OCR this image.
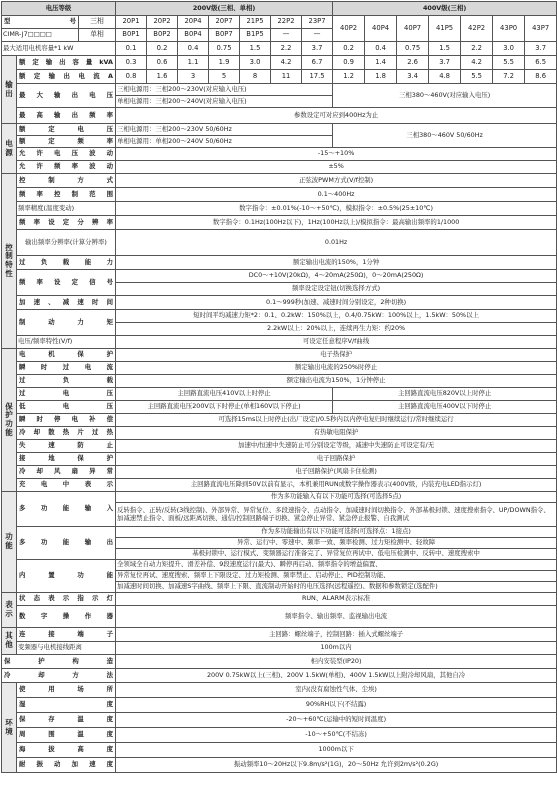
电压等级			200V级(三相、单相)							400V级(三相)						
型号		三相	20P1	20P2	20P4	20P7	21P5	22P2	23P7	40P2	40P4	40P7	41P5	42P2	43P0	43P7
CIMR-J7□□□□		单相	B0P1	B0P2	B0P4	B0P7	B1P5	—	—							
最大适用电机容量*1 kW			0.1	0.2	0.4	0.75	1.5	2.2	3.7	0.2	0.4	0.75	1.5	2.2	3.0	3.7
输出	额定输出容量kVA		0.3	0.6	1.1	1.9	3.0	4.2	6.7	0.9	1.4	2.6	3.7	4.2	5.5	6.5
	额定输出电流A		0.8	1.6	3	5	8	11	17.5	1.2	1.8	3.4	4.8	5.5	7.2	8.6
	最大输出电压		三相电源用：三相200～230V(对应输入电压)							三相380～460V(对应输入电压)						
			单相电源用：三相200～240V(对应输入电压)													
	最高输出频率		参数设定可对应到400Hz为止													
电源	额定电压		三相电源用：三相200～230V 50/60Hz							三相380～460V 50/60Hz						
	额定频率		单相电源用：单相200～240V 50/60Hz													
	允许电压波动		-15～+10%													
	允许频率波动		±5%													
控制特性	控制方式		正弦波PWM方式(V/f控制)													
	频率控制范围		0.1～400Hz													
	频率精度(温度变动)		数字指令：±0.01%(-10～+50℃)，模拟指令：±0.5%(25±10℃)													
	频率设定分辨率		数字指令：0.1Hz(100Hz以下)，1Hz(100Hz以上)/模拟指令：最高输出频率的1/1000													
	输出频率分辨率(计算分辨率)		0.01Hz													
	过负载能力		额定输出电流的150%，1分钟													
	频率设定信号		DC0～+10V(20kΩ)，4～20mA(250Ω)，0～20mA(250Ω)													
			频率设定设定钮(切换选择方式)													
	加速、减速时间		0.1～999秒(加速、减速时间分别设定，2种切换)													
	制动力矩		短时间平均减速力矩*2：0.1、0.2kW：150%以上，0.4/0.75kW：100%以上，1.5kW：50%以上													
			2.2kW以上：20%以上，连续再生力矩：约20%													
	电压/频率特性(V/f)		可设定任意程序V/f曲线													
保护功能	电机保护		电子热保护													
	瞬时过电流		额定输出电流的250%时停止													
	过负载		额定输出电流为150%，1分钟停止													
	过电压		主回路直流电压410V以上时停止							主回路直流电压820V以上时停止						
	低电压		主回路直流电压200V以下时停止(单相160V以下停止)							主回路直流电压400V以下时停止						
	瞬时停电补偿		可选择15ms以上时停止(出厂设定)/0.5秒内以内停电复归时继续运行/常时继续运行													
	冷却散热片过热		有热敏电阻保护													
	失速防止		加速中/恒速中失速防止可分别设定等级，减速中失速防止可设定有/无													
	接地保护		电子回路保护													
	冷却风扇异常		电子回路保护(风扇卡住检测)													
	充电中表示		主回路直流电压降到50V以前有显示，本机兼用RUN或数字操作器表示(400V级，内装充电LED指示灯)													
功能	多功能输入		作为多功能输入有以下功能可选择(可选择5点)													
			反转指令、正转/反转(3线控制)、外部异常、异常复位、多段速指令、点动指令、加减速时间切换指令、外部基极封锁、速度搜索指令、UP/DOWN指令、加减速禁止指令、面板/远距离切换、通信/控制回路端子切换、紧急停止异常、紧急停止报警、自我测试													

	多功能输出		作为多功能输出有以下功能可选择(可选择点：1接点)													
			异常、运行中、零速中、频率一致、频率检测、过力矩检测中、轻故障													
			基极封锁中、运行模式、变频器运行准备完了、异常复位再试中、低电压检测中、反转中、速度搜索中													
	内置功能		全领域全自动力矩提升、滑差补偿、9段速度运行(最大)、瞬停再启动、频率指令的增益偏置、													
			异常复位再试、速度搜索、频率上下限设定、过力矩检测、频率禁止、启动停止、PID控制功能、													
			加减速时间切换、加减速S字曲线、频率上下限、直流制动开始时的电压选择(远程遥控)、数据和参数锁定(选配件)													
表示	状态表示指示灯		RUN、ALARM表示标准													
	数字操作器		频率指令、输出频率、监视输出电流													
其他	连接端子		主回路：螺丝端子，控制回路：插入式螺丝端子													
	变频器与电机接线距离		100m以内													
保护构造			柜内安装型(IP20)													
冷却方法			200V 0.75kW以上(三相)、200V 1.5kW(单相)、400V 1.5kW以上附冷却风扇，其他自冷													
环境	使用场所		室内(没有腐蚀性气体、尘埃)													
	湿度		90%RH以下(不结露)													
	保存温度		-20～+60℃(运输中的短时间温度)													
	周围温度		-10～+50℃(不结冻)													
	海拔高度		1000m以下													
	耐振动加速度		振动频率10～20Hz以下9.8m/s²(1G)，20～50Hz 允许到2m/s²(0.2G)													
